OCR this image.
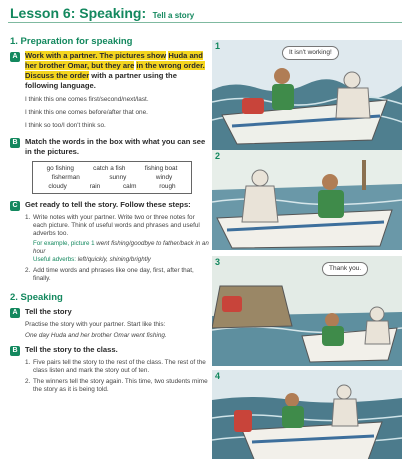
Lesson 6: Speaking: Tell a story
1. Preparation for speaking
A Work with a partner. The pictures show Huda and her brother Omar, but they are in the wrong order. Discuss the order with a partner using the following language.
I think this one comes first/second/next/last.
I think this one comes before/after that one.
I think so too/I don't think so.
B Match the words in the box with what you can see in the pictures.
go fishing	catch a fish	fishing boat
fisherman	sunny	windy
cloudy	rain	calm	rough
C Get ready to tell the story. Follow these steps:
1. Write notes with your partner. Write two or three notes for each picture. Think of useful words and phrases and useful adverbs too.
For example, picture 1 went fishing/goodbye to father/back in an hour
Useful adverbs: left/quickly, shining/brightly
2. Add time words and phrases like one day, first, after that, finally.
2. Speaking
A Tell the story
Practise the story with your partner. Start like this:
One day Huda and her brother Omar went fishing.
B Tell the story to the class.
1. Five pairs tell the story to the rest of the class. The rest of the class listen and mark the story out of ten.
2. The winners tell the story again. This time, two students mime the story as it is being told.
1
It isn't working!
2
3
Thank you.
4
